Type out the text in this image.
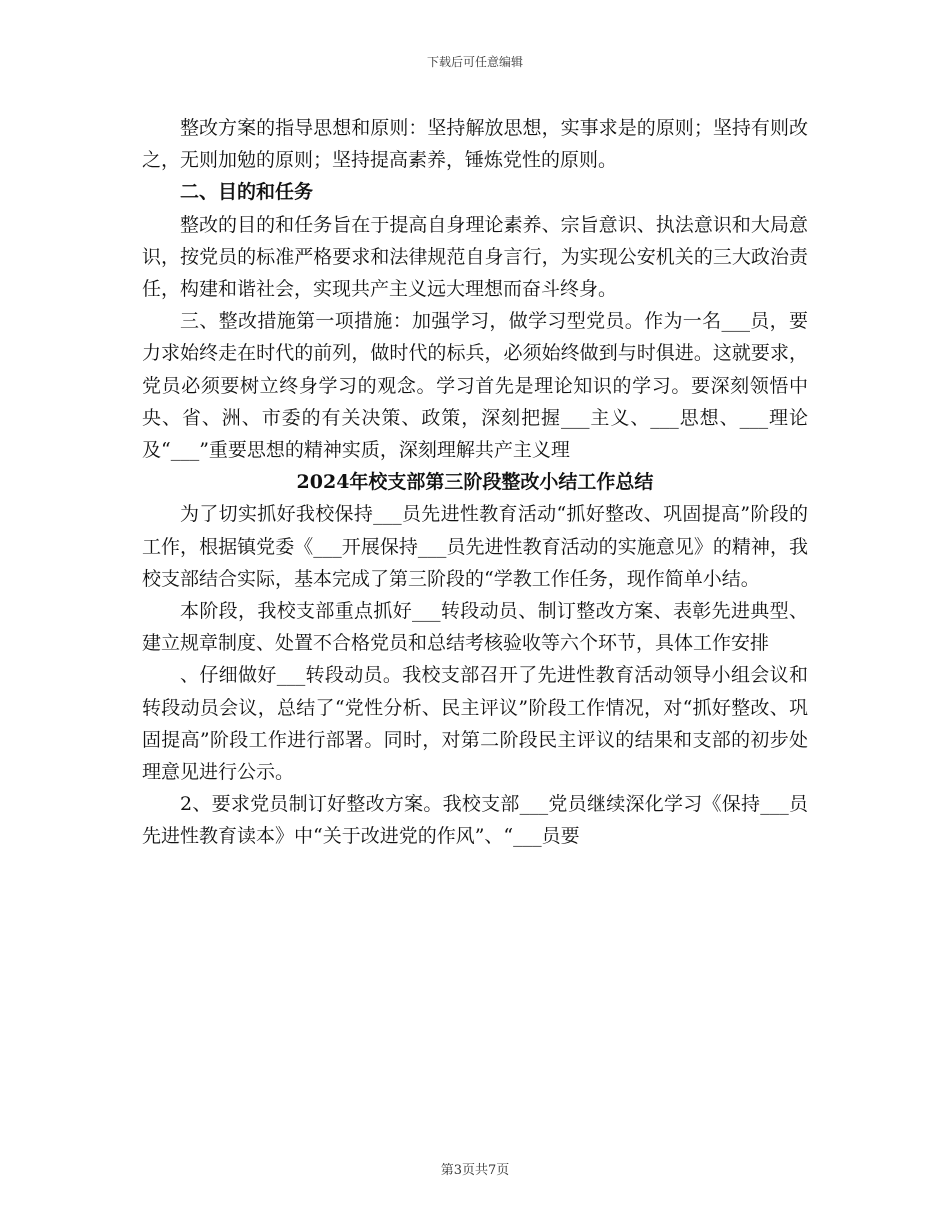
下载后可任意编辑

整改方案的指导思想和原则：坚持解放思想，实事求是的原则；坚持有则改之，无则加勉的原则；坚持提高素养，锤炼党性的原则。

二、目的和任务

整改的目的和任务旨在于提高自身理论素养、宗旨意识、执法意识和大局意识，按党员的标准严格要求和法律规范自身言行，为实现公安机关的三大政治责任，构建和谐社会，实现共产主义远大理想而奋斗终身。

三、整改措施第一项措施：加强学习，做学习型党员。作为一名___员，要力求始终走在时代的前列，做时代的标兵，必须始终做到与时俱进。这就要求，党员必须要树立终身学习的观念。学习首先是理论知识的学习。要深刻领悟中央、省、洲、市委的有关决策、政策，深刻把握___主义、___思想、___理论及“___”重要思想的精神实质，深刻理解共产主义理

2024年校支部第三阶段整改小结工作总结

为了切实抓好我校保持___员先进性教育活动“抓好整改、巩固提高”阶段的工作，根据镇党委《___开展保持___员先进性教育活动的实施意见》的精神，我校支部结合实际，基本完成了第三阶段的“学教工作任务，现作简单小结。

本阶段，我校支部重点抓好___转段动员、制订整改方案、表彰先进典型、建立规章制度、处置不合格党员和总结考核验收等六个环节，具体工作安排

、仔细做好___转段动员。我校支部召开了先进性教育活动领导小组会议和转段动员会议，总结了“党性分析、民主评议”阶段工作情况，对“抓好整改、巩固提高”阶段工作进行部署。同时，对第二阶段民主评议的结果和支部的初步处理意见进行公示。

2、要求党员制订好整改方案。我校支部___党员继续深化学习《保持___员先进性教育读本》中“关于改进党的作风”、“___员要

第3页共7页
